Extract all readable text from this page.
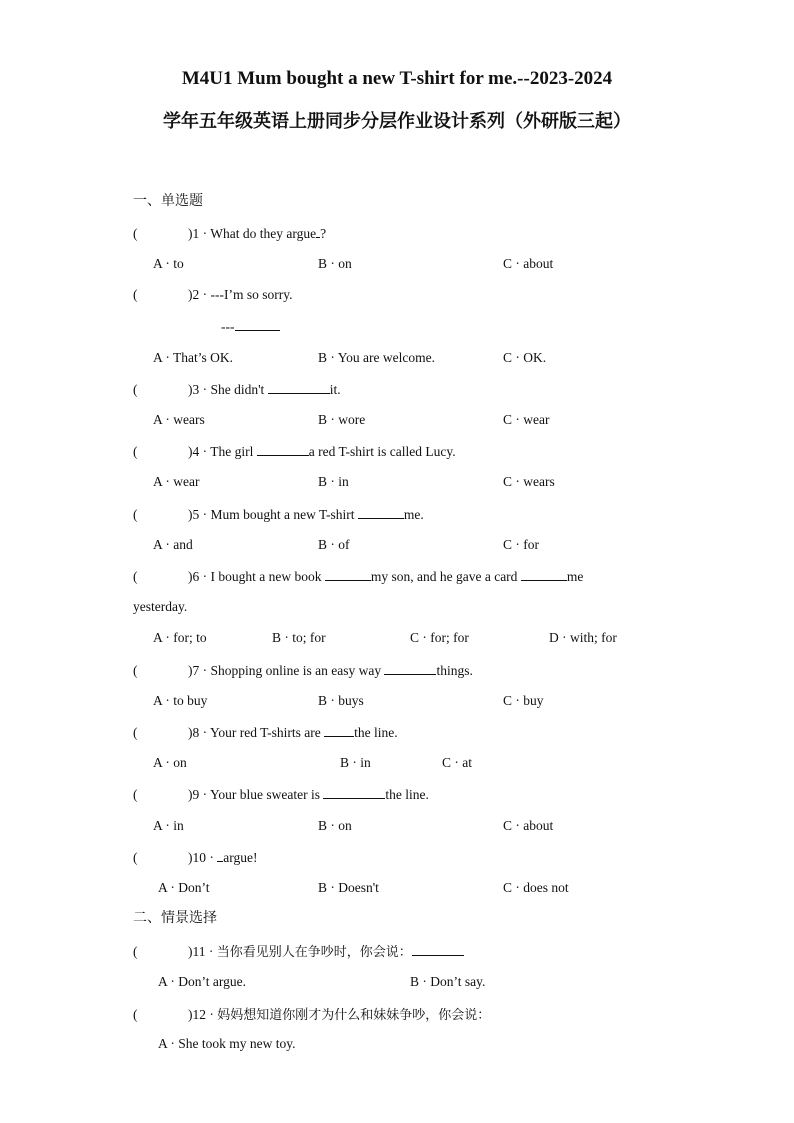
M4U1 Mum bought a new T-shirt for me.--2023-2024
学年五年级英语上册同步分层作业设计系列（外研版三起）
一、单选题
(	)1 · What do they argue ?
A · to	B · on	C · about
(	)2 · ---I’m so sorry.
---
A · That’s OK.	B · You are welcome.	C · OK.
(	)3 · She didn't	it.
A · wears	B · wore	C · wear
(	)4 · The girl	a red T-shirt is called Lucy.
A · wear	B · in	C · wears
(	)5 · Mum bought a new T-shirt	me.
A · and	B · of	C · for
(	)6 · I bought a new book	my son, and he gave a card	me
yesterday.
A · for; to	B · to; for	C · for; for	D · with; for
(	)7 · Shopping online is an easy way	things.
A · to buy	B · buys	C · buy
(	)8 · Your red T-shirts are the line.
A · on	B · in	C · at
(	)9 · Your blue sweater is	the line.
A · in	B · on	C · about
(	)10 · argue!
A · Don’t	B · Doesn't	C · does not
二、情景选择
(	)11 · 当你看见别人在争吵时，你会说：
A · Don’t argue.	B · Don’t say.
(	)12 · 妈妈想知道你刚才为什么和妹妹争吵，你会说：
A · She took my new toy.
